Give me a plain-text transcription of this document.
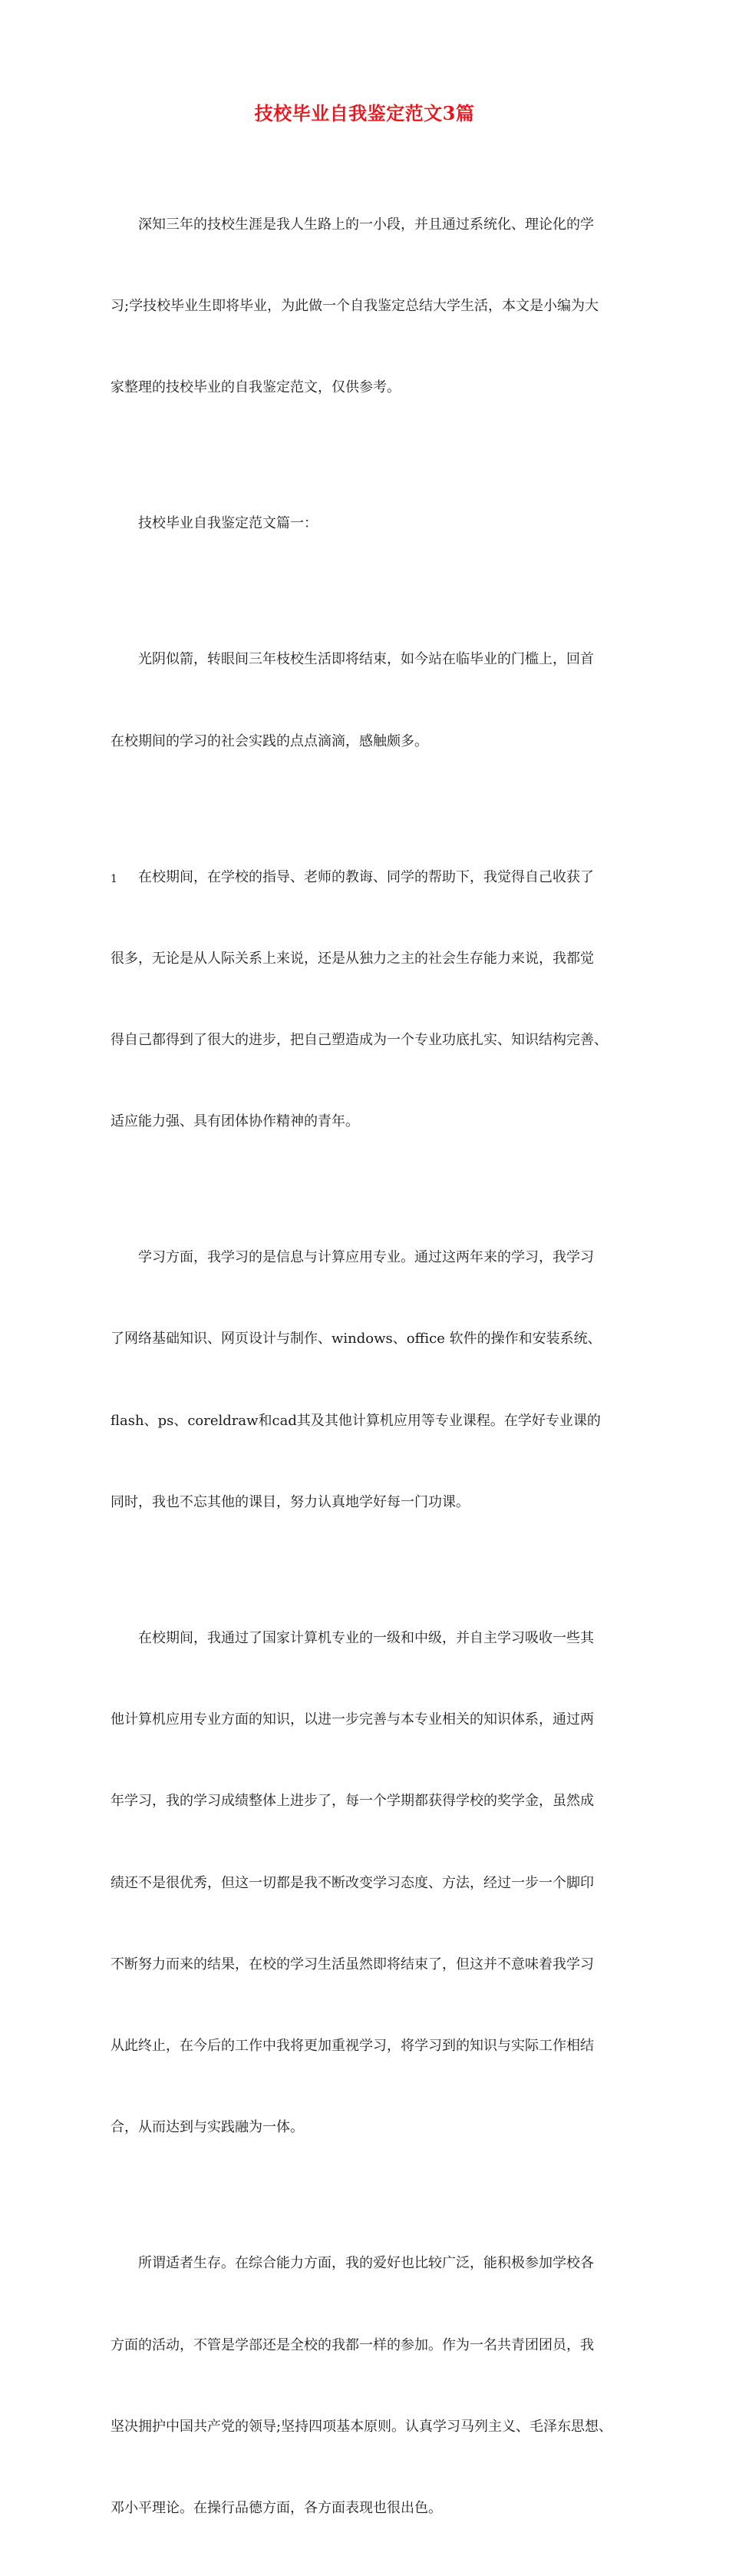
技校毕业自我鉴定范文3篇

深知三年的技校生涯是我人生路上的一小段，并且通过系统化、理论化的学

习;学技校毕业生即将毕业，为此做一个自我鉴定总结大学生活，本文是小编为大

家整理的技校毕业的自我鉴定范文，仅供参考。

技校毕业自我鉴定范文篇一：

光阴似箭，转眼间三年枝校生活即将结束，如今站在临毕业的门槛上，回首

在校期间的学习的社会实践的点点滴滴，感触颇多。

在校期间，在学校的指导、老师的教诲、同学的帮助下，我觉得自己收获了

很多，无论是从人际关系上来说，还是从独力之主的社会生存能力来说，我都觉

得自己都得到了很大的进步，把自己塑造成为一个专业功底扎实、知识结构完善、

适应能力强、具有团体协作精神的青年。

学习方面，我学习的是信息与计算应用专业。通过这两年来的学习，我学习

了网络基础知识、网页设计与制作、windows、office 软件的操作和安装系统、

flash、ps、coreldraw和cad其及其他计算机应用等专业课程。在学好专业课的

同时，我也不忘其他的课目，努力认真地学好每一门功课。

在校期间，我通过了国家计算机专业的一级和中级，并自主学习吸收一些其

他计算机应用专业方面的知识，以进一步完善与本专业相关的知识体系，通过两

年学习，我的学习成绩整体上进步了，每一个学期都获得学校的奖学金，虽然成

绩还不是很优秀，但这一切都是我不断改变学习态度、方法，经过一步一个脚印

不断努力而来的结果，在校的学习生活虽然即将结束了，但这并不意味着我学习

从此终止，在今后的工作中我将更加重视学习，将学习到的知识与实际工作相结

合，从而达到与实践融为一体。

所谓适者生存。在综合能力方面，我的爱好也比较广泛，能积极参加学校各

方面的活动，不管是学部还是全校的我都一样的参加。作为一名共青团团员，我

坚决拥护中国共产党的领导;坚持四项基本原则。认真学习马列主义、毛泽东思想、

邓小平理论。在操行品德方面，各方面表现也很出色。

1
